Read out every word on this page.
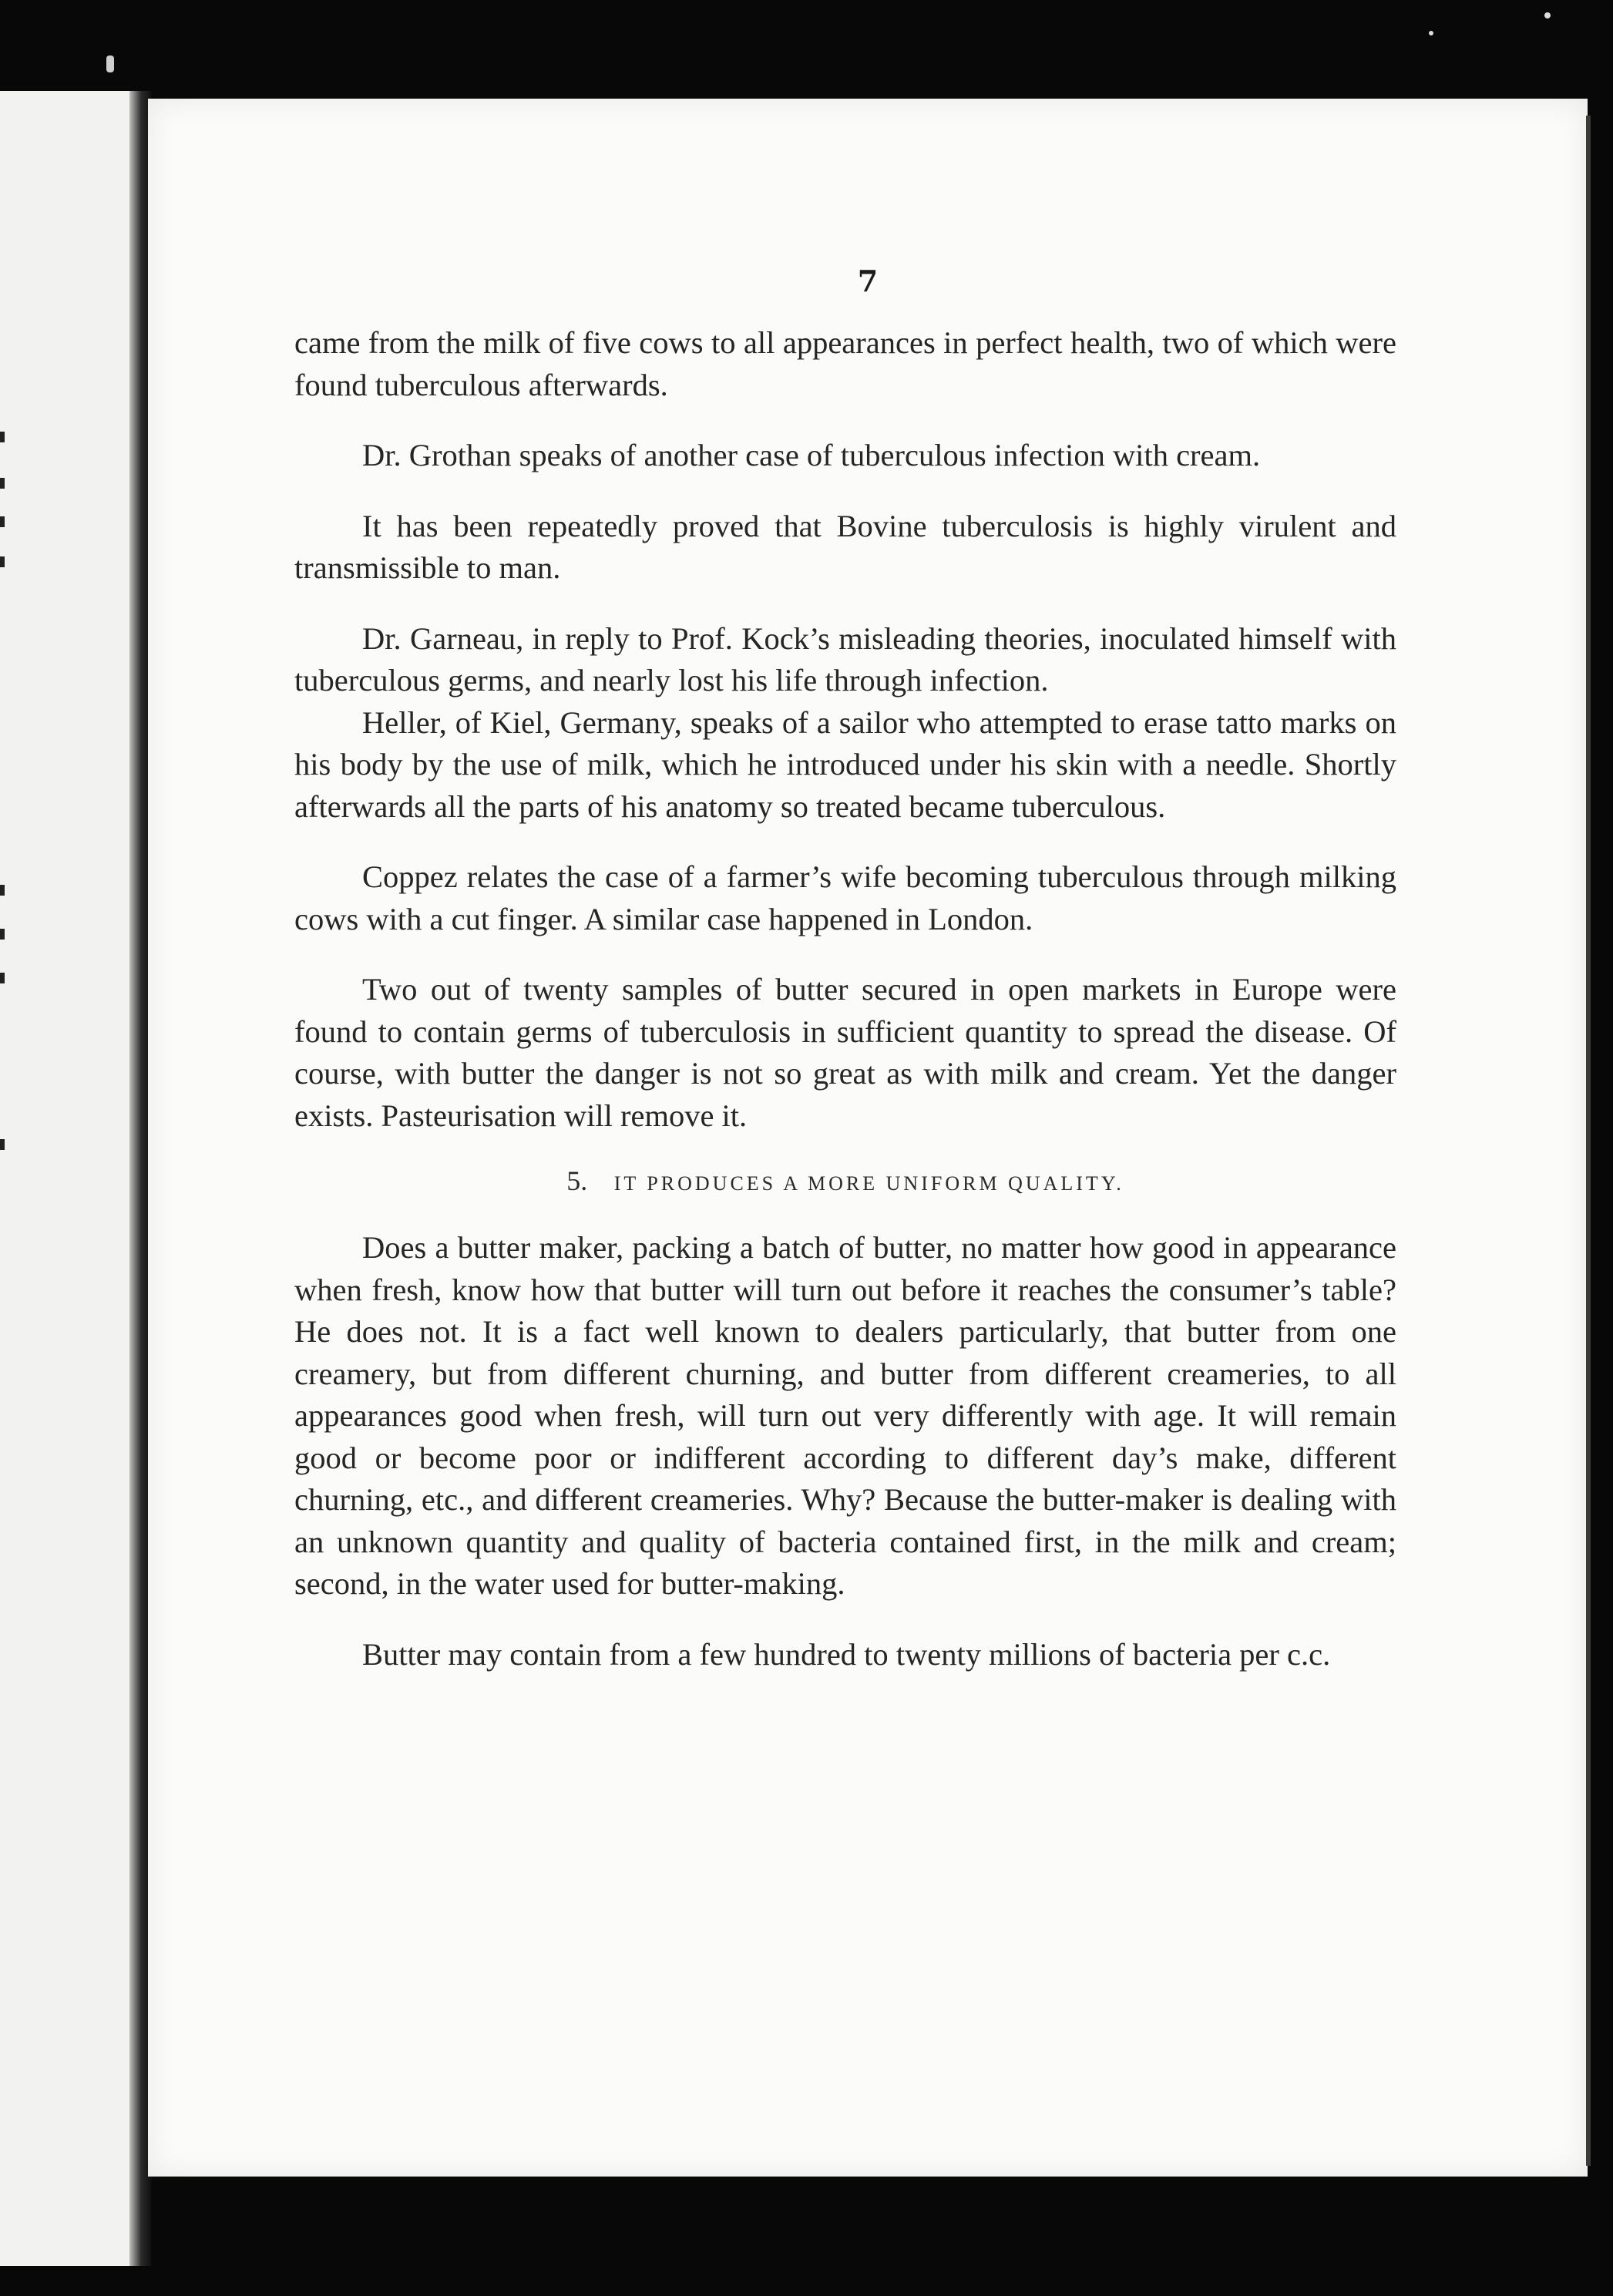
7

came from the milk of five cows to all appearances in perfect health, two of which were found tuberculous afterwards.

Dr. Grothan speaks of another case of tuberculous infection with cream.

It has been repeatedly proved that Bovine tuberculosis is highly virulent and transmissible to man.

Dr. Garneau, in reply to Prof. Kock’s misleading theories, inoculated himself with tuberculous germs, and nearly lost his life through infection.

Heller, of Kiel, Germany, speaks of a sailor who attempted to erase tatto marks on his body by the use of milk, which he introduced under his skin with a needle. Shortly afterwards all the parts of his anatomy so treated became tuberculous.

Coppez relates the case of a farmer’s wife becoming tuberculous through milking cows with a cut finger. A similar case happened in London.

Two out of twenty samples of butter secured in open markets in Europe were found to contain germs of tuberculosis in sufficient quantity to spread the disease. Of course, with butter the danger is not so great as with milk and cream. Yet the danger exists. Pasteurisation will remove it.

5. IT PRODUCES A MORE UNIFORM QUALITY.

Does a butter maker, packing a batch of butter, no matter how good in appearance when fresh, know how that butter will turn out before it reaches the consumer’s table? He does not. It is a fact well known to dealers particularly, that butter from one creamery, but from different churning, and butter from different creameries, to all appearances good when fresh, will turn out very differently with age. It will remain good or become poor or indifferent according to different day’s make, different churning, etc., and different creameries. Why? Because the butter-maker is dealing with an unknown quantity and quality of bacteria contained first, in the milk and cream; second, in the water used for butter-making.

Butter may contain from a few hundred to twenty millions of bacteria per c.c.
